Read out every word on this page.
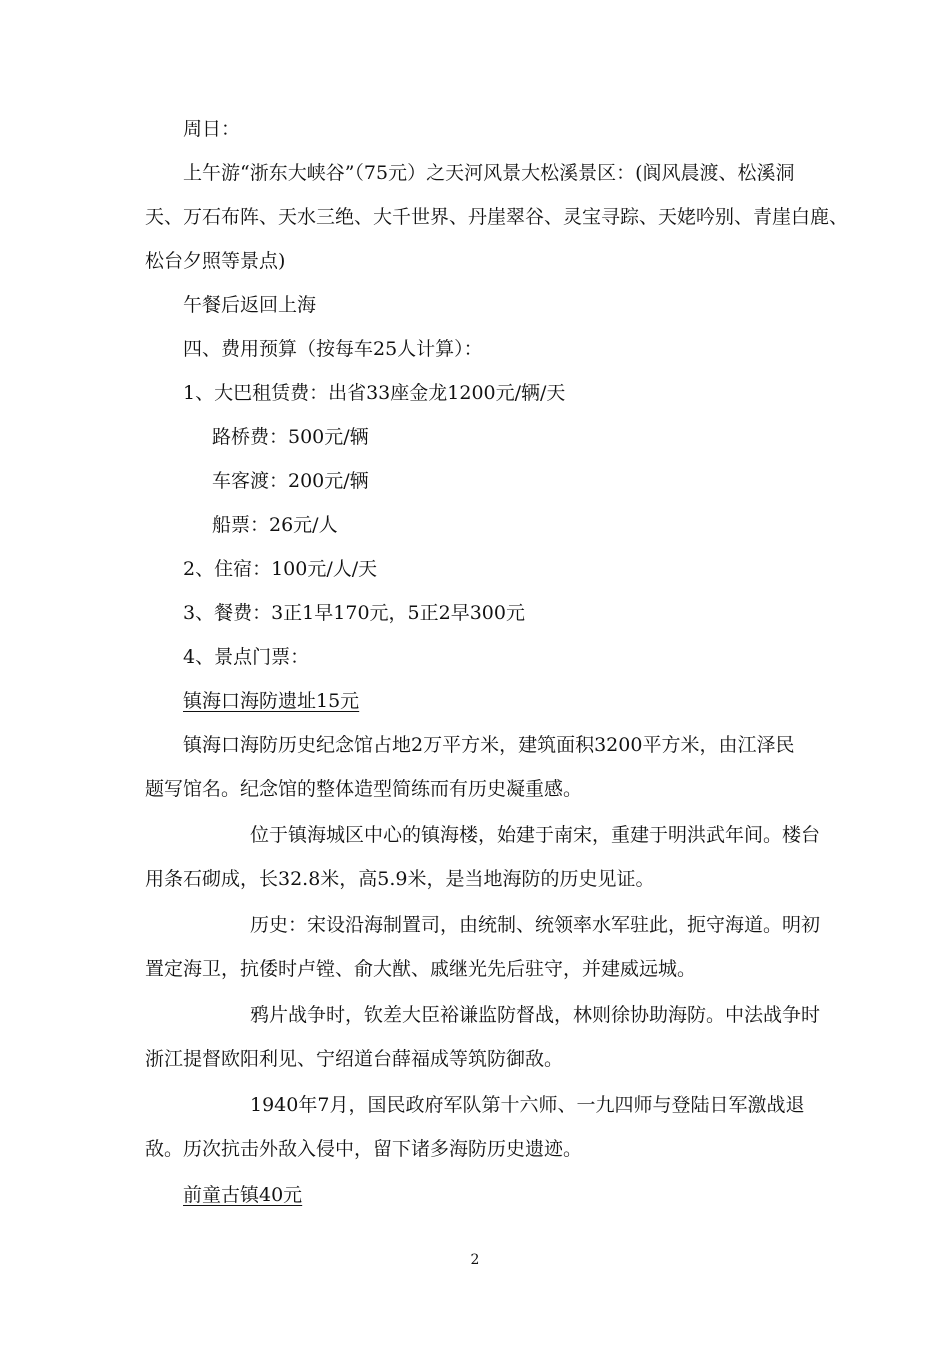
周日：
上午游“浙东大峡谷”（75元）之天河风景大松溪景区：(阆风晨渡、松溪洞
天、万石布阵、天水三绝、大千世界、丹崖翠谷、灵宝寻踪、天姥吟别、青崖白鹿、
松台夕照等景点)
午餐后返回上海
四、费用预算（按每车25人计算）：
1、大巴租赁费：出省33座金龙1200元/辆/天
路桥费：500元/辆
车客渡：200元/辆
船票：26元/人
2、住宿：100元/人/天
3、餐费：3正1早170元，5正2早300元
4、景点门票：
镇海口海防遗址15元
镇海口海防历史纪念馆占地2万平方米，建筑面积3200平方米，由江泽民
题写馆名。纪念馆的整体造型简练而有历史凝重感。
位于镇海城区中心的镇海楼，始建于南宋，重建于明洪武年间。楼台
用条石砌成，长32.8米，高5.9米，是当地海防的历史见证。
历史：宋设沿海制置司，由统制、统领率水军驻此，扼守海道。明初
置定海卫，抗倭时卢镗、俞大猷、戚继光先后驻守，并建威远城。
鸦片战争时，钦差大臣裕谦监防督战，林则徐协助海防。中法战争时
浙江提督欧阳利见、宁绍道台薛福成等筑防御敌。
1940年7月，国民政府军队第十六师、一九四师与登陆日军激战退
敌。历次抗击外敌入侵中，留下诸多海防历史遗迹。
前童古镇40元
2
